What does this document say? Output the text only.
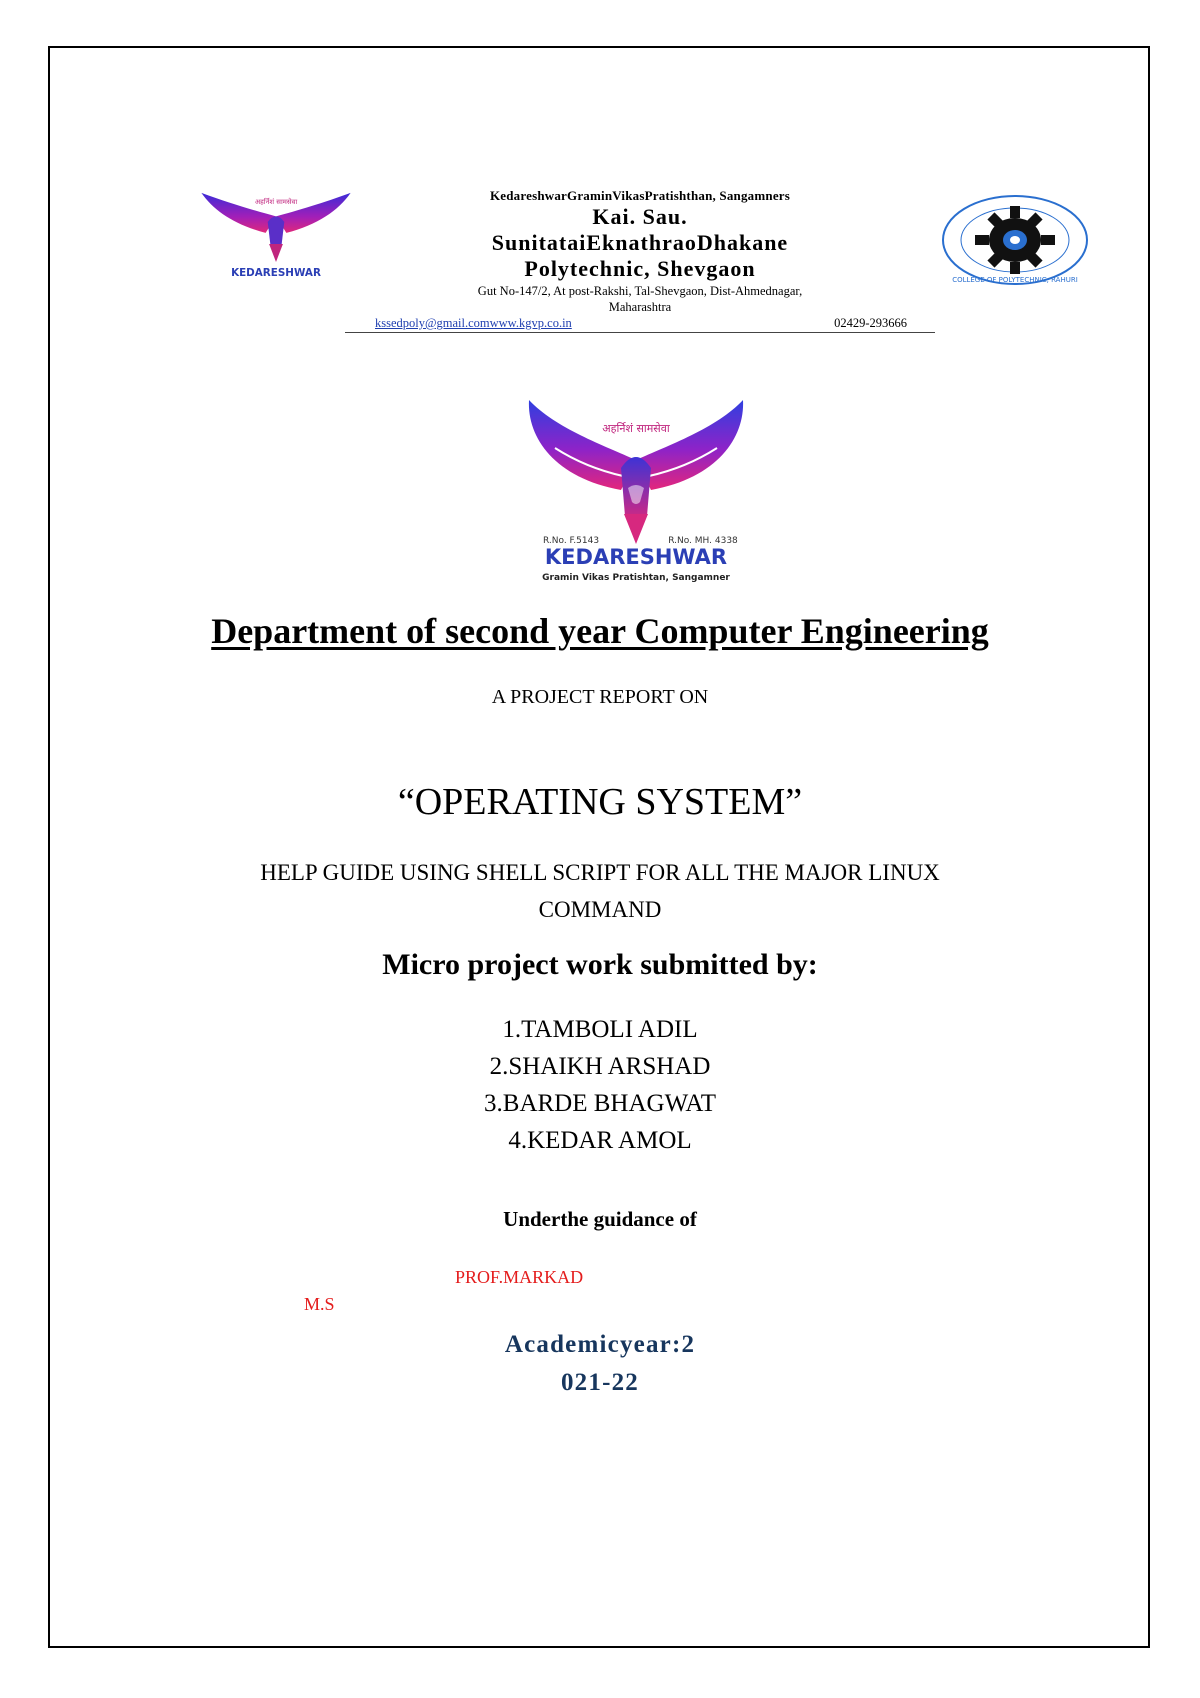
अहर्निशं सामसेवा
KEDARESHWAR
KedareshwarGraminVikasPratishthan, Sangamners
Kai. Sau.
SunitataiEknathraoDhakane
Polytechnic, Shevgaon
Gut No-147/2, At post-Rakshi, Tal-Shevgaon, Dist-Ahmednagar,
Maharashtra
kssedpoly@gmail.comwww.kgvp.co.in	02429-293666
COLLEGE OF POLYTECHNIC, RAHURI
अहर्निशं सामसेवा
R.No. F.5143	R.No. MH. 4338
KEDARESHWAR
Gramin Vikas Pratishtan, Sangamner
Department of second year Computer Engineering
A PROJECT REPORT ON
“OPERATING SYSTEM”
HELP GUIDE USING SHELL SCRIPT FOR ALL THE MAJOR LINUX
COMMAND
Micro project work submitted by:
1.TAMBOLI ADIL
2.SHAIKH ARSHAD
3.BARDE BHAGWAT
4.KEDAR AMOL
Underthe guidance of
PROF.MARKAD
M.S
Academicyear:2
021-22
